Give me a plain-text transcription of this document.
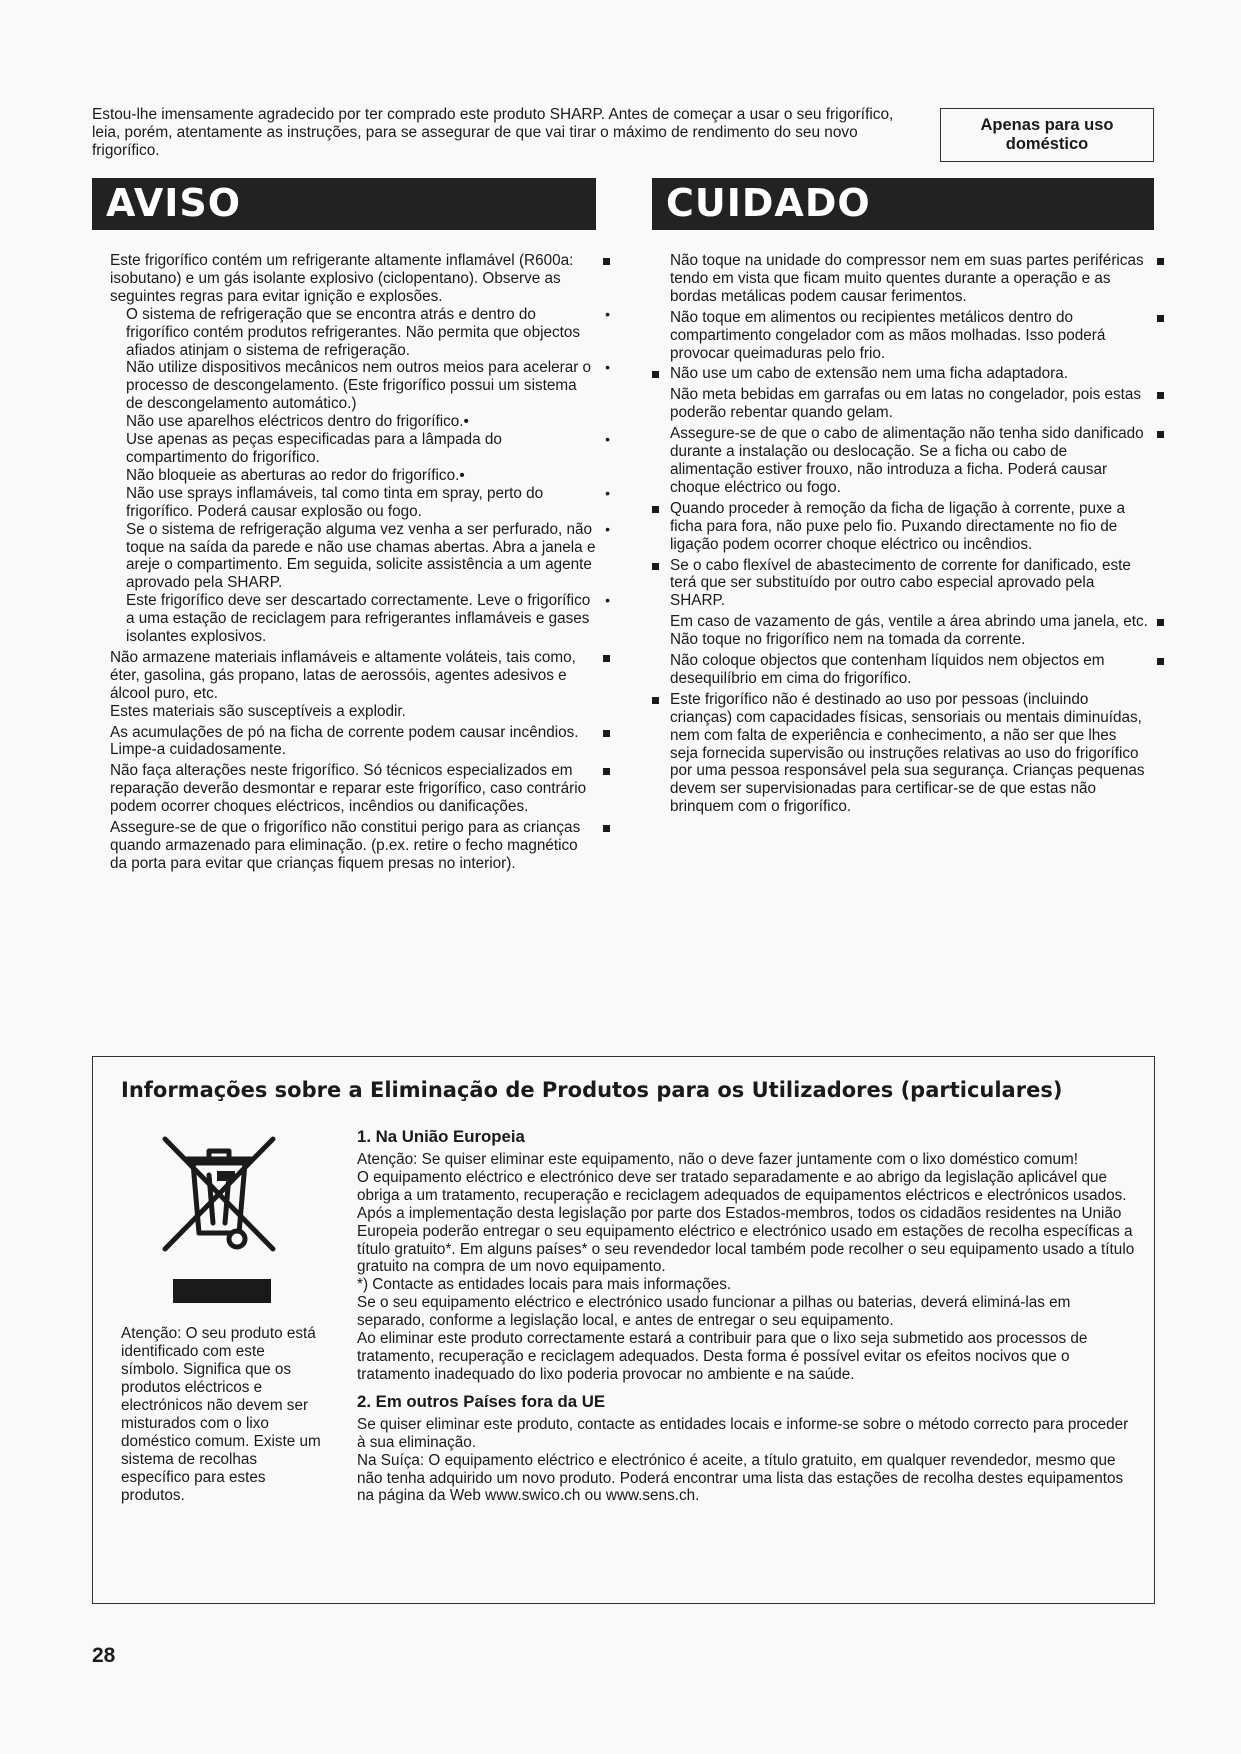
Estou-lhe imensamente agradecido por ter comprado este produto SHARP. Antes de começar a usar o seu frigorífico, leia, porém, atentamente as instruções, para se assegurar de que vai tirar o máximo de rendimento do seu novo frigorífico.
Apenas para uso doméstico
AVISO	CUIDADO
Este frigorífico contém um refrigerante altamente inflamável (R600a: isobutano) e um gás isolante explosivo (ciclopentano). Observe as seguintes regras para evitar ignição e explosões.
O sistema de refrigeração que se encontra atrás e dentro do frigorífico contém produtos refrigerantes. Não permita que objectos afiados atinjam o sistema de refrigeração.
•
Não utilize dispositivos mecânicos nem outros meios para acelerar o processo de descongelamento. (Este frigorífico possui um sistema de descongelamento automático.)
•
Não use aparelhos eléctricos dentro do frigorífico.•
Use apenas as peças especificadas para a lâmpada do compartimento do frigorífico.
•
Não bloqueie as aberturas ao redor do frigorífico.•
Não use sprays inflamáveis, tal como tinta em spray, perto do frigorífico. Poderá causar explosão ou fogo.
•
Se o sistema de refrigeração alguma vez venha a ser perfurado, não toque na saída da parede e não use chamas abertas. Abra a janela e areje o compartimento. Em seguida, solicite assistência a um agente aprovado pela SHARP.
•
Este frigorífico deve ser descartado correctamente. Leve o frigorífico a uma estação de reciclagem para refrigerantes inflamáveis e gases isolantes explosivos.
•
Não armazene materiais inflamáveis e altamente voláteis, tais como, éter, gasolina, gás propano, latas de aerossóis, agentes adesivos e álcool puro, etc.
Estes materiais são susceptíveis a explodir.
As acumulações de pó na ficha de corrente podem causar incêndios. Limpe-a cuidadosamente.
Não faça alterações neste frigorífico. Só técnicos especializados em reparação deverão desmontar e reparar este frigorífico, caso contrário podem ocorrer choques eléctricos, incêndios ou danificações.
Assegure-se de que o frigorífico não constitui perigo para as crianças quando armazenado para eliminação. (p.ex. retire o fecho magnético da porta para evitar que crianças fiquem presas no interior).
Não toque na unidade do compressor nem em suas partes periféricas tendo em vista que ficam muito quentes durante a operação e as bordas metálicas podem causar ferimentos.
Não toque em alimentos ou recipientes metálicos dentro do compartimento congelador com as mãos molhadas. Isso poderá provocar queimaduras pelo frio.
Não use um cabo de extensão nem uma ficha adaptadora.
Não meta bebidas em garrafas ou em latas no congelador, pois estas poderão rebentar quando gelam.
Assegure-se de que o cabo de alimentação não tenha sido danificado durante a instalação ou deslocação. Se a ficha ou cabo de alimentação estiver frouxo, não introduza a ficha. Poderá causar choque eléctrico ou fogo.
Quando proceder à remoção da ficha de ligação à corrente, puxe a ficha para fora, não puxe pelo fio. Puxando directamente no fio de ligação podem ocorrer choque eléctrico ou incêndios.
Se o cabo flexível de abastecimento de corrente for danificado, este terá que ser substituído por outro cabo especial aprovado pela SHARP.
Em caso de vazamento de gás, ventile a área abrindo uma janela, etc. Não toque no frigorífico nem na tomada da corrente.
Não coloque objectos que contenham líquidos nem objectos em desequilíbrio em cima do frigorífico.
Este frigorífico não é destinado ao uso por pessoas (incluindo crianças) com capacidades físicas, sensoriais ou mentais diminuídas, nem com falta de experiência e conhecimento, a não ser que lhes seja fornecida supervisão ou instruções relativas ao uso do frigorífico por uma pessoa responsável pela sua segurança. Crianças pequenas devem ser supervisionadas para certificar-se de que estas não brinquem com o frigorífico.
Informações sobre a Eliminação de Produtos para os Utilizadores (particulares)
Atenção: O seu produto está identificado com este símbolo. Significa que os produtos eléctricos e electrónicos não devem ser misturados com o lixo doméstico comum. Existe um sistema de recolhas específico para estes produtos.
1. Na União Europeia

Atenção: Se quiser eliminar este equipamento, não o deve fazer juntamente com o lixo doméstico comum!

O equipamento eléctrico e electrónico deve ser tratado separadamente e ao abrigo da legislação aplicável que obriga a um tratamento, recuperação e reciclagem adequados de equipamentos eléctricos e electrónicos usados.

Após a implementação desta legislação por parte dos Estados-membros, todos os cidadãos residentes na União Europeia poderão entregar o seu equipamento eléctrico e electrónico usado em estações de recolha específicas a título gratuito*. Em alguns países* o seu revendedor local também pode recolher o seu equipamento usado a título gratuito na compra de um novo equipamento.

*) Contacte as entidades locais para mais informações.

Se o seu equipamento eléctrico e electrónico usado funcionar a pilhas ou baterias, deverá eliminá-las em separado, conforme a legislação local, e antes de entregar o seu equipamento.

Ao eliminar este produto correctamente estará a contribuir para que o lixo seja submetido aos processos de tratamento, recuperação e reciclagem adequados. Desta forma é possível evitar os efeitos nocivos que o tratamento inadequado do lixo poderia provocar no ambiente e na saúde.

2. Em outros Países fora da UE

Se quiser eliminar este produto, contacte as entidades locais e informe-se sobre o método correcto para proceder à sua eliminação.

Na Suíça: O equipamento eléctrico e electrónico é aceite, a título gratuito, em qualquer revendedor, mesmo que não tenha adquirido um novo produto. Poderá encontrar uma lista das estações de recolha destes equipamentos na página da Web www.swico.ch ou www.sens.ch.

28
